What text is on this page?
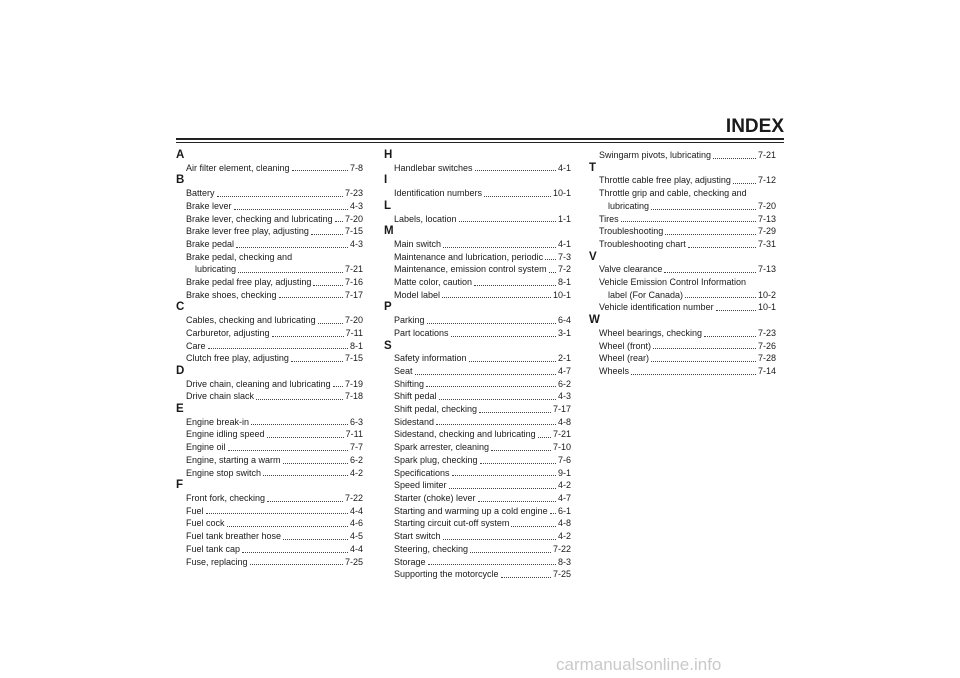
INDEX
A
Air filter element, cleaning	7-8
B
Battery	7-23
Brake lever	4-3
Brake lever, checking and lubricating 7-20
Brake lever free play, adjusting	7-15
Brake pedal	4-3
Brake pedal, checking and
lubricating	7-21
Brake pedal free play, adjusting	7-16
Brake shoes, checking	7-17
C
Cables, checking and lubricating	7-20
Carburetor, adjusting	7-11
Care	8-1
Clutch free play, adjusting	7-15
D
Drive chain, cleaning and lubricating 7-19
Drive chain slack	7-18
E
Engine break-in	6-3
Engine idling speed	7-11
Engine oil	7-7
Engine, starting a warm	6-2
Engine stop switch	4-2
F
Front fork, checking	7-22
Fuel	4-4
Fuel cock	4-6
Fuel tank breather hose	4-5
Fuel tank cap	4-4
Fuse, replacing	7-25
H
Handlebar switches	4-1
I
Identification numbers	10-1
L
Labels, location	1-1
M
Main switch	4-1
Maintenance and lubrication, periodic 7-3
Maintenance, emission control system 7-2
Matte color, caution	8-1
Model label	10-1
P
Parking	6-4
Part locations	3-1
S
Safety information	2-1
Seat	4-7
Shifting	6-2
Shift pedal	4-3
Shift pedal, checking	7-17
Sidestand	4-8
Sidestand, checking and lubricating 7-21
Spark arrester, cleaning	7-10
Spark plug, checking	7-6
Specifications	9-1
Speed limiter	4-2
Starter (choke) lever	4-7
Starting and warming up a cold engine 6-1
Starting circuit cut-off system	4-8
Start switch	4-2
Steering, checking	7-22
Storage	8-3
Supporting the motorcycle	7-25
Swingarm pivots, lubricating	7-21
T
Throttle cable free play, adjusting	7-12
Throttle grip and cable, checking and
lubricating	7-20
Tires	7-13
Troubleshooting	7-29
Troubleshooting chart	7-31
V
Valve clearance	7-13
Vehicle Emission Control Information
label (For Canada)	10-2
Vehicle identification number	10-1
W
Wheel bearings, checking	7-23
Wheel (front)	7-26
Wheel (rear)	7-28
Wheels	7-14

carmanualsonline.info
